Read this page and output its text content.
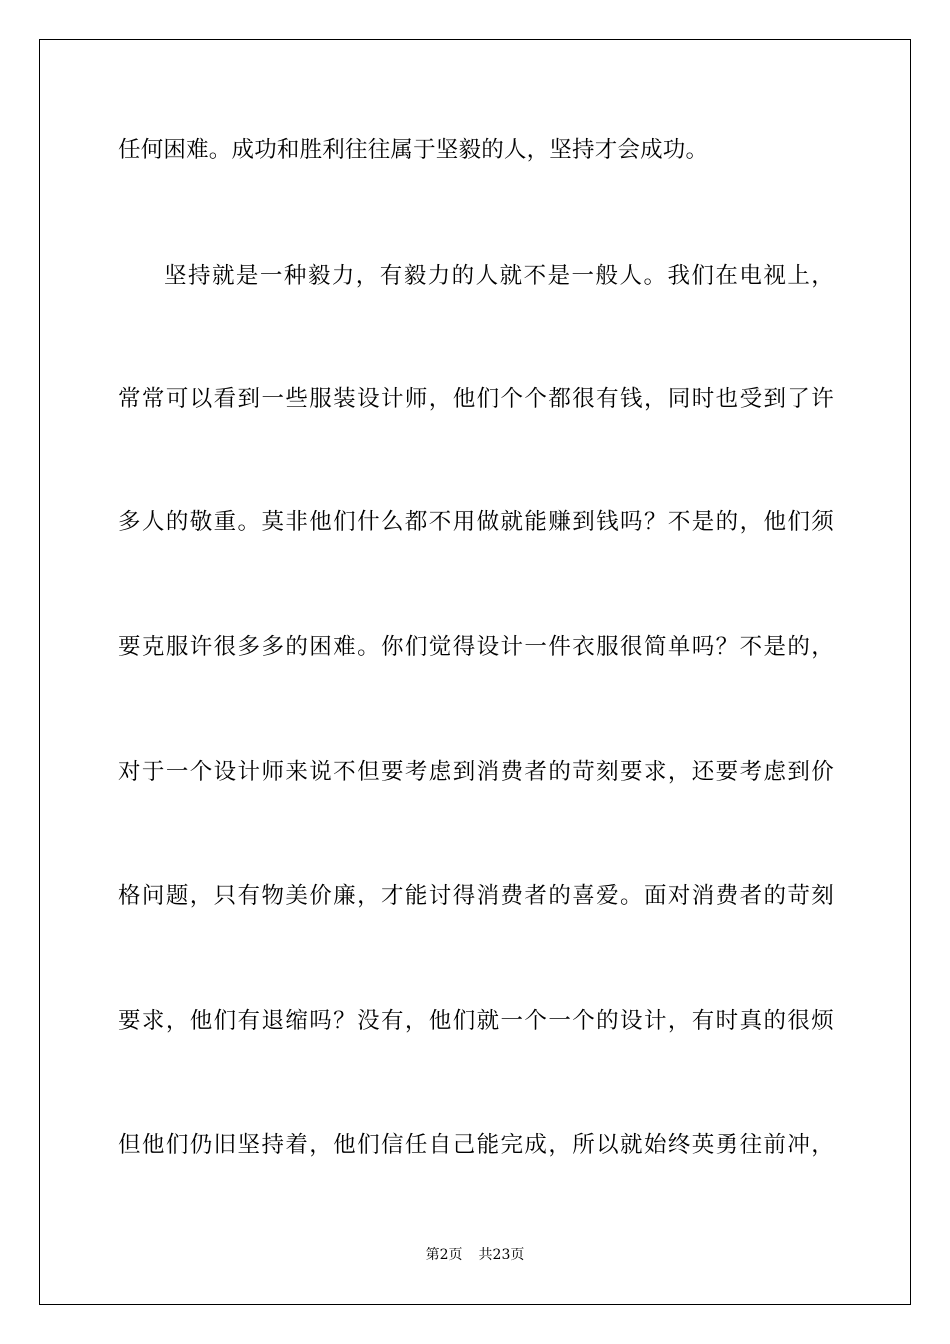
任何困难。成功和胜利往往属于坚毅的人，坚持才会成功。
坚持就是一种毅力，有毅力的人就不是一般人。我们在电视上，
常常可以看到一些服装设计师，他们个个都很有钱，同时也受到了许
多人的敬重。莫非他们什么都不用做就能赚到钱吗？不是的，他们须
要克服许很多多的困难。你们觉得设计一件衣服很简单吗？不是的，
对于一个设计师来说不但要考虑到消费者的苛刻要求，还要考虑到价
格问题，只有物美价廉，才能讨得消费者的喜爱。面对消费者的苛刻
要求，他们有退缩吗？没有，他们就一个一个的设计，有时真的很烦
但他们仍旧坚持着，他们信任自己能完成，所以就始终英勇往前冲，
第2页 共23页
